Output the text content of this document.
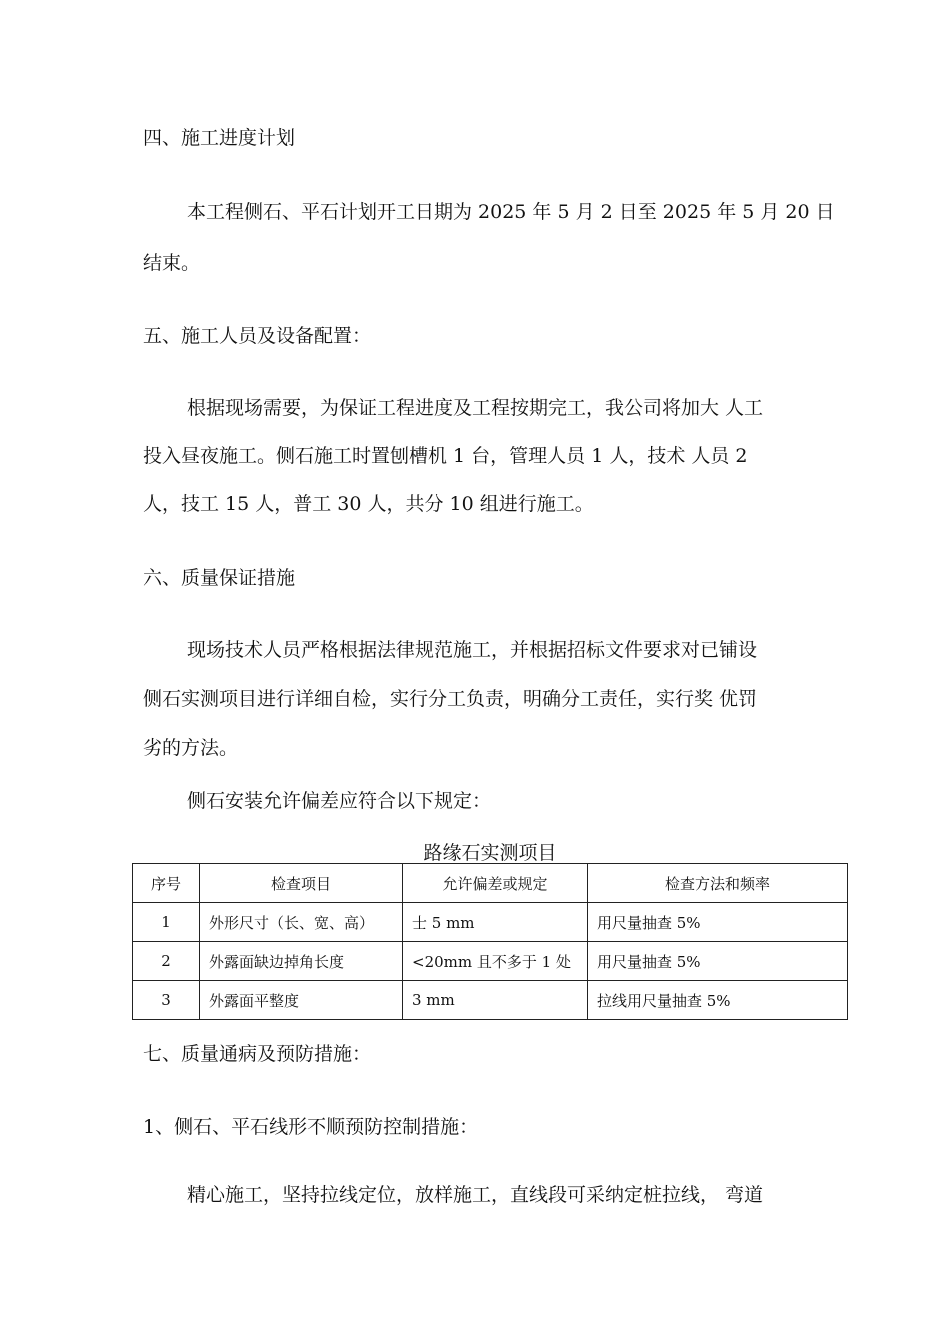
四、施工进度计划
本工程侧石、平石计划开工日期为 2025 年 5 月 2 日至 2025 年 5 月 20 日
结束。
五、施工人员及设备配置：
根据现场需要，为保证工程进度及工程按期完工，我公司将加大 人工
投入昼夜施工。侧石施工时置刨槽机 1 台，管理人员 1 人，技术 人员 2
人，技工 15 人，普工 30 人，共分 10 组进行施工。
六、质量保证措施
现场技术人员严格根据法律规范施工，并根据招标文件要求对已铺设
侧石实测项目进行详细自检，实行分工负责，明确分工责任，实行奖 优罚
劣的方法。
侧石安装允许偏差应符合以下规定：
路缘石实测项目
序号	检查项目	允许偏差或规定	检查方法和频率
1	外形尺寸（长、宽、高）	士 5 mm	用尺量抽查 5%
2	外露面缺边掉角长度	<20mm 且不多于 1 处	用尺量抽查 5%
3	外露面平整度	3 mm	拉线用尺量抽查 5%
七、质量通病及预防措施：
1、侧石、平石线形不顺预防控制措施：
精心施工，坚持拉线定位，放样施工，直线段可采纳定桩拉线， 弯道
